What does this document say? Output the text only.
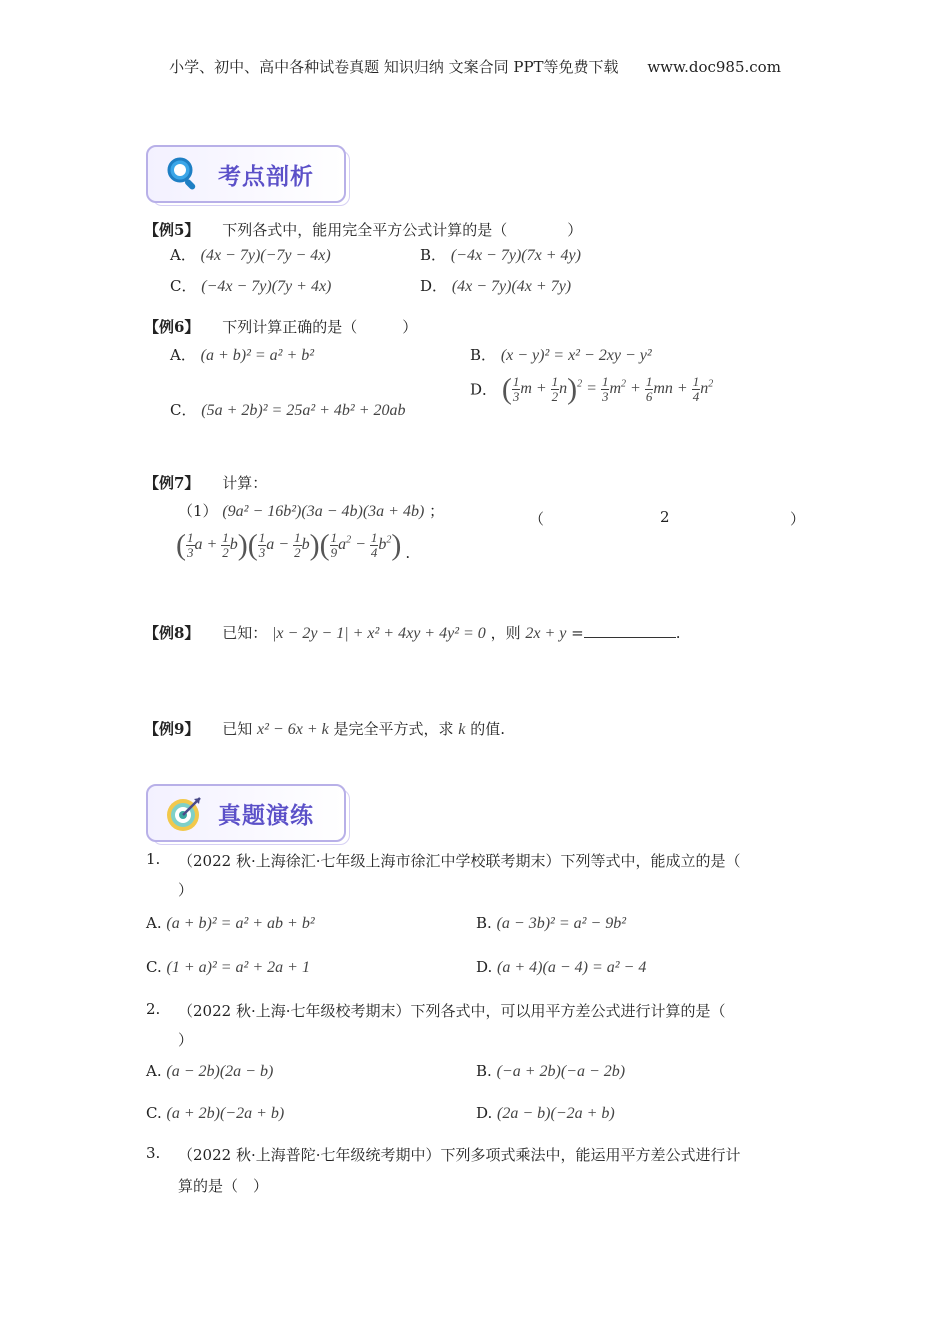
小学、初中、高中各种试卷真题 知识归纳 文案合同 PPT等免费下载 www.doc985.com
考点剖析
【例5】 下列各式中，能用完全平方公式计算的是（　　　　）
A． (4x − 7y)(−7y − 4x)	B． (−4x − 7y)(7x + 4y)
C． (−4x − 7y)(7y + 4x)	D． (4x − 7y)(4x + 7y)
【例6】 下列计算正确的是（　　　）
A． (a + b)² = a² + b²	B． (x − y)² = x² − 2xy − y²
C． (5a + 2b)² = 25a² + 4b² + 20ab
D． ( $\frac{1}{3}$ $m + \frac{1}{2} n)^2 = \frac{1}{3} m^2 + \frac{1}{6}$ mn + $\frac{1}{4} n^2$
【例7】 计算：
（1） (9a² − 16b²)(3a − 4b)(3a + 4b) ；	（	2	）
( $\frac{1}{3}$ $a + \frac{1}{2} b)( \frac{1}{3}$ $a - \frac{1}{2} b)( \frac{1}{9} a^2 - \frac{1}{4} b^2)$ .
【例8】 已知： |x − 2y − 1| + x² + 4xy + 4y² = 0 ，则 2x + y =	.
【例9】 已知 x² − 6x + k 是完全平方式，求 k 的值.
真题演练
1. （2022 秋·上海徐汇·七年级上海市徐汇中学校联考期末）下列等式中，能成立的是（
）
A. (a + b)² = a² + ab + b²	B. (a − 3b)² = a² − 9b²
C. (1 + a)² = a² + 2a + 1	D. (a + 4)(a − 4) = a² − 4
2. （2022 秋·上海·七年级校考期末）下列各式中，可以用平方差公式进行计算的是（
）
A. (a − 2b)(2a − b)	B. (−a + 2b)(−a − 2b)
C. (a + 2b)(−2a + b)	D. (2a − b)(−2a + b)
3. （2022 秋·上海普陀·七年级统考期中）下列多项式乘法中，能运用平方差公式进行计
算的是（　）
